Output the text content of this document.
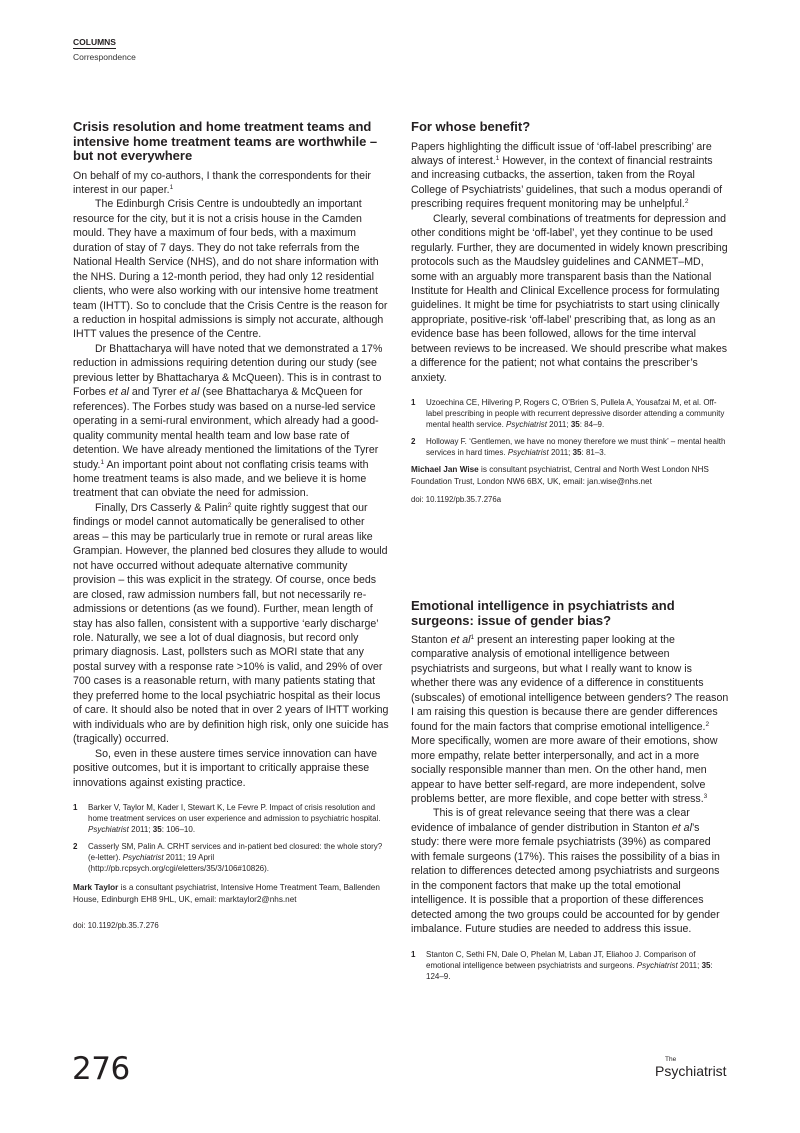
COLUMNS
Correspondence
Crisis resolution and home treatment teams and intensive home treatment teams are worthwhile – but not everywhere

On behalf of my co-authors, I thank the correspondents for their interest in our paper.$^1$

The Edinburgh Crisis Centre is undoubtedly an important resource for the city, but it is not a crisis house in the Camden mould. They have a maximum of four beds, with a maximum duration of stay of 7 days. They do not take referrals from the National Health Service (NHS), and do not share information with the NHS. During a 12-month period, they had only 12 residential clients, who were also working with our intensive home treatment team (IHTT). So to conclude that the Crisis Centre is the reason for a reduction in hospital admissions is simply not accurate, although IHTT values the presence of the Centre.

Dr Bhattacharya will have noted that we demonstrated a 17% reduction in admissions requiring detention during our study (see previous letter by Bhattacharya & McQueen). This is in contrast to Forbes et al and Tyrer et al (see Bhattacharya & McQueen for references). The Forbes study was based on a nurse-led service operating in a semi-rural environment, which already had a good-quality community mental health team and low base rate of detention. We have already mentioned the limitations of the Tyrer study.$^1$ An important point about not conflating crisis teams with home treatment teams is also made, and we believe it is home treatment that can obviate the need for admission.

Finally, Drs Casserly & Palin$^2$ quite rightly suggest that our findings or model cannot automatically be generalised to other areas – this may be particularly true in remote or rural areas like Grampian. However, the planned bed closures they allude to would not have occurred without adequate alternative community provision – this was explicit in the strategy. Of course, once beds are closed, raw admission numbers fall, but not necessarily re-admissions or detentions (as we found). Further, mean length of stay has also fallen, consistent with a supportive ‘early discharge’ role. Naturally, we see a lot of dual diagnosis, but record only primary diagnosis. Last, pollsters such as MORI state that any postal survey with a response rate >10% is valid, and 29% of over 700 cases is a reasonable return, with many patients stating that they preferred home to the local psychiatric hospital as their locus of care. It should also be noted that in over 2 years of IHTT working with individuals who are by definition high risk, only one suicide has (tragically) occurred.

So, even in these austere times service innovation can have positive outcomes, but it is important to critically appraise these innovations against existing practice.

1	Barker V, Taylor M, Kader I, Stewart K, Le Fevre P. Impact of crisis resolution and home treatment services on user experience and admission to psychiatric hospital. Psychiatrist 2011; 35: 106–10.
2	Casserly SM, Palin A. CRHT services and in-patient bed closured: the whole story? (e-letter). Psychiatrist 2011; 19 April (http://pb.rcpsych.org/cgi/eletters/35/3/106#10826).
Mark Taylor is a consultant psychiatrist, Intensive Home Treatment Team, Ballenden House, Edinburgh EH8 9HL, UK, email: marktaylor2@nhs.net
doi: 10.1192/pb.35.7.276
For whose benefit?

Papers highlighting the difficult issue of ‘off-label prescribing’ are always of interest.$^1$ However, in the context of financial restraints and increasing cutbacks, the assertion, taken from the Royal College of Psychiatrists’ guidelines, that such a modus operandi of prescribing requires frequent monitoring may be unhelpful.$^2$

Clearly, several combinations of treatments for depression and other conditions might be ‘off-label’, yet they continue to be used regularly. Further, they are documented in widely known prescribing protocols such as the Maudsley guidelines and CANMET–MD, some with an arguably more transparent basis than the National Institute for Health and Clinical Excellence process for formulating guidelines. It might be time for psychiatrists to start using clinically appropriate, positive-risk ‘off-label’ prescribing that, as long as an evidence base has been followed, allows for the time interval between reviews to be increased. We should prescribe what makes a difference for the patient; not what contains the prescriber’s anxiety.

1	Uzoechina CE, Hilvering P, Rogers C, O’Brien S, Pullela A, Yousafzai M, et al. Off-label prescribing in people with recurrent depressive disorder attending a community mental health service. Psychiatrist 2011; 35: 84–9.
2	Holloway F. ‘Gentlemen, we have no money therefore we must think’ – mental health services in hard times. Psychiatrist 2011; 35: 81–3.
Michael Jan Wise is consultant psychiatrist, Central and North West London NHS Foundation Trust, London NW6 6BX, UK, email: jan.wise@nhs.net
doi: 10.1192/pb.35.7.276a
Emotional intelligence in psychiatrists and surgeons: issue of gender bias?

Stanton et $al^1$ present an interesting paper looking at the comparative analysis of emotional intelligence between psychiatrists and surgeons, but what I really want to know is whether there was any evidence of a difference in constituents (subscales) of emotional intelligence between genders? The reason I am raising this question is because there are gender differences found for the main factors that comprise emotional intelligence.$^2$ More specifically, women are more aware of their emotions, show more empathy, relate better interpersonally, and act in a more socially responsible manner than men. On the other hand, men appear to have better self-regard, are more independent, solve problems better, are more flexible, and cope better with stress.$^3$

This is of great relevance seeing that there was a clear evidence of imbalance of gender distribution in Stanton et al’s study: there were more female psychiatrists (39%) as compared with female surgeons (17%). This raises the possibility of a bias in relation to differences detected among psychiatrists and surgeons in the component factors that make up the total emotional intelligence. It is possible that a proportion of these differences detected among the two groups could be accounted for by gender imbalance. Future studies are needed to address this issue.

1	Stanton C, Sethi FN, Dale O, Phelan M, Laban JT, Eliahoo J. Comparison of emotional intelligence between psychiatrists and surgeons. Psychiatrist 2011; 35: 124–9.
276	The
Psychiatrist
